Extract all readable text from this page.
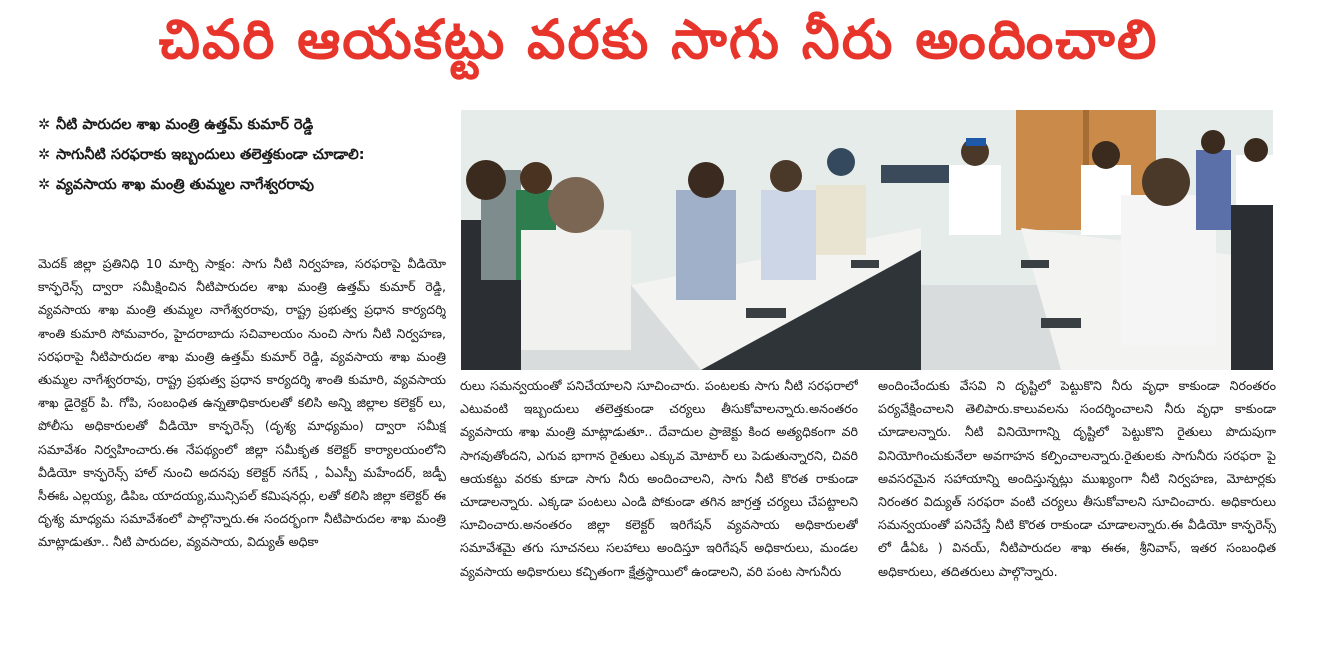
చివరి ఆయకట్టు వరకు సాగు నీరు అందించాలి
✲ నీటి పారుదల శాఖ మంత్రి ఉత్తమ్ కుమార్ రెడ్డి
✲ సాగునీటి సరఫరాకు ఇబ్బందులు తలెత్తకుండా చూడాలి:
✲ వ్యవసాయ శాఖ మంత్రి తుమ్మల నాగేశ్వరరావు

మెదక్ జిల్లా ప్రతినిధి 10 మార్చి సాక్షం: సాగు నీటి నిర్వహణ, సరఫరాపై వీడియో కాన్ఫరెన్స్ ద్వారా సమీక్షించిన నీటిపారుదల శాఖ మంత్రి ఉత్తమ్ కుమార్ రెడ్డి, వ్యవసాయ శాఖ మంత్రి తుమ్మల నాగేశ్వరరావు, రాష్ట్ర ప్రభుత్వ ప్రధాన కార్యదర్శి శాంతి కుమారి సోమవారం, హైదరాబాదు సచివాలయం నుంచి సాగు నీటి నిర్వహణ, సరఫరాపై నీటిపారుదల శాఖ మంత్రి ఉత్తమ్ కుమార్ రెడ్డి, వ్యవసాయ శాఖ మంత్రి తుమ్మల నాగేశ్వరరావు, రాష్ట్ర ప్రభుత్వ ప్రధాన కార్యదర్శి శాంతి కుమారి, వ్యవసాయ శాఖ డైరెక్టర్ పి. గోపి, సంబంధిత ఉన్నతాధికారులతో కలిసి అన్ని జిల్లాల కలెక్టర్ లు, పోలీసు అధికారులతో వీడియో కాన్ఫరెన్స్ (దృశ్య మాధ్యమం) ద్వారా సమీక్ష సమావేశం నిర్వహించారు.ఈ నేపథ్యంలో జిల్లా సమీకృత కలెక్టర్ కార్యాలయంలోని వీడియో కాన్ఫరెన్స్ హాల్ నుంచి అదనపు కలెక్టర్ నగేష్ , ఏఎస్పీ మహేందర్, జడ్పీ సీఈఓ ఎల్లయ్య, డిపిఒ యాదయ్య,మున్సిపల్ కమిషనర్లు, లతో కలిసి జిల్లా కలెక్టర్ ఈ దృశ్య మాధ్యమ సమావేశంలో పాల్గొన్నారు.ఈ సందర్భంగా నీటిపారుదల శాఖ మంత్రి మాట్లాడుతూ.. నీటి పారుదల, వ్యవసాయ, విద్యుత్ అధికా

రులు సమన్వయంతో పనిచేయాలని సూచించారు. పంటలకు సాగు నీటి సరఫరాలో ఎటువంటి ఇబ్బందులు తలెత్తకుండా చర్యలు తీసుకోవాలన్నారు.అనంతరం వ్యవసాయ శాఖ మంత్రి మాట్లాడుతూ.. దేవాదుల ప్రాజెక్టు కింద అత్యధికంగా వరి సాగవుతోందని, ఎగువ భాగాన రైతులు ఎక్కువ మోటార్ లు పెడుతున్నారని, చివరి ఆయకట్టు వరకు కూడా సాగు నీరు అందించాలని, సాగు నీటి కొరత రాకుండా చూడాలన్నారు. ఎక్కడా పంటలు ఎండి పోకుండా తగిన జాగ్రత్త చర్యలు చేపట్టాలని సూచించారు.అనంతరం జిల్లా కలెక్టర్ ఇరిగేషన్ వ్యవసాయ అధికారులతో సమావేశమై తగు సూచనలు సలహాలు అందిస్తూ ఇరిగేషన్ అధికారులు, మండల వ్యవసాయ అధికారులు కచ్చితంగా క్షేత్రస్థాయిలో ఉండాలని, వరి పంట సాగునీరు

అందించేందుకు వేసవి ని దృష్టిలో పెట్టుకొని నీరు వృధా కాకుండా నిరంతరం పర్యవేక్షించాలని తెలిపారు.కాలువలను సందర్శించాలని నీరు వృధా కాకుండా చూడాలన్నారు. నీటి వినియోగాన్ని దృష్టిలో పెట్టుకొని రైతులు పొదుపుగా వినియోగించుకునేలా అవగాహన కల్పించాలన్నారు.రైతులకు సాగునీరు సరఫరా పై అవసరమైన సహాయాన్ని అందిస్తున్నట్లు ముఖ్యంగా నీటి నిర్వహణ, మోటార్లకు నిరంతర విద్యుత్ సరఫరా వంటి చర్యలు తీసుకోవాలని సూచించారు. అధికారులు సమన్వయంతో పనిచేస్తే నీటి కొరత రాకుండా చూడాలన్నారు.ఈ వీడియో కాన్ఫరెన్స్ లో డీఏఓ ) వినయ్, నీటిపారుదల శాఖ ఈఈ, శ్రీనివాస్, ఇతర సంబంధిత అధికారులు, తదితరులు పాల్గొన్నారు.
